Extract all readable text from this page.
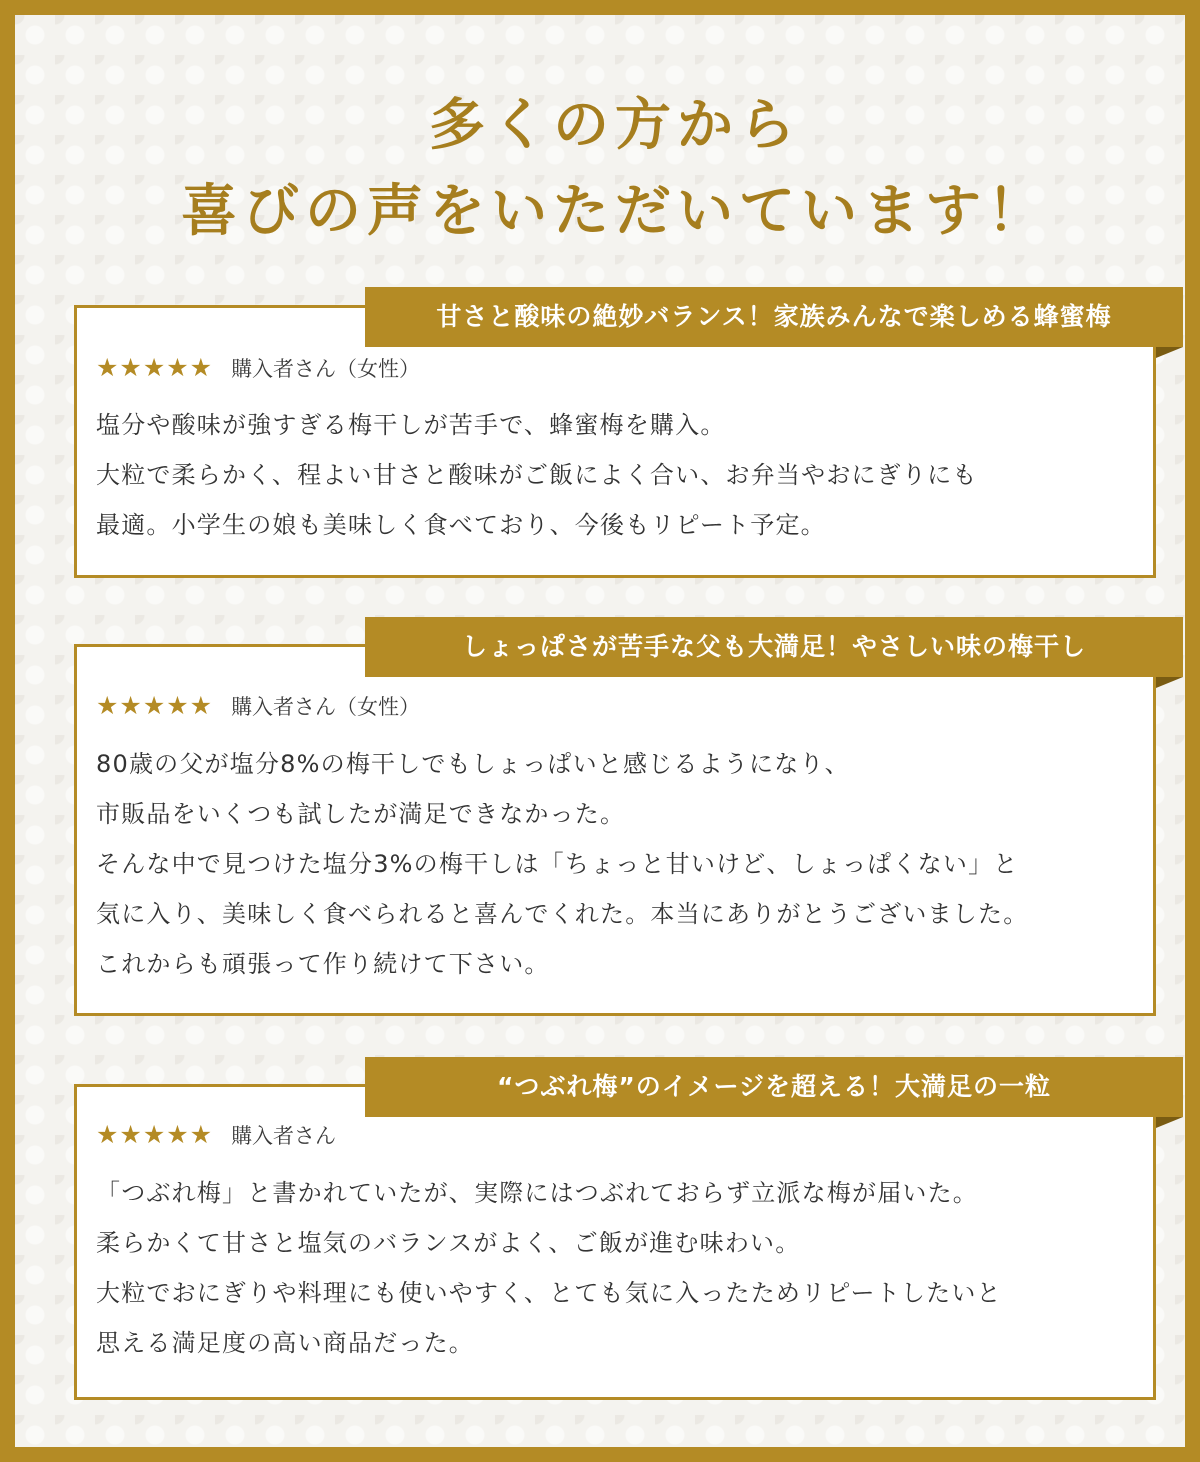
多くの方から
喜びの声をいただいています！
甘さと酸味の絶妙バランス！家族みんなで楽しめる蜂蜜梅
★★★★★ 購入者さん（女性）
塩分や酸味が強すぎる梅干しが苦手で、蜂蜜梅を購入。
大粒で柔らかく、程よい甘さと酸味がご飯によく合い、お弁当やおにぎりにも
最適。小学生の娘も美味しく食べており、今後もリピート予定。
しょっぱさが苦手な父も大満足！やさしい味の梅干し
★★★★★ 購入者さん（女性）
80歳の父が塩分8%の梅干しでもしょっぱいと感じるようになり、
市販品をいくつも試したが満足できなかった。
そんな中で見つけた塩分3%の梅干しは「ちょっと甘いけど、しょっぱくない」と
気に入り、美味しく食べられると喜んでくれた。本当にありがとうございました。
これからも頑張って作り続けて下さい。
“つぶれ梅”のイメージを超える！大満足の一粒
★★★★★ 購入者さん
「つぶれ梅」と書かれていたが、実際にはつぶれておらず立派な梅が届いた。
柔らかくて甘さと塩気のバランスがよく、ご飯が進む味わい。
大粒でおにぎりや料理にも使いやすく、とても気に入ったためリピートしたいと
思える満足度の高い商品だった。
